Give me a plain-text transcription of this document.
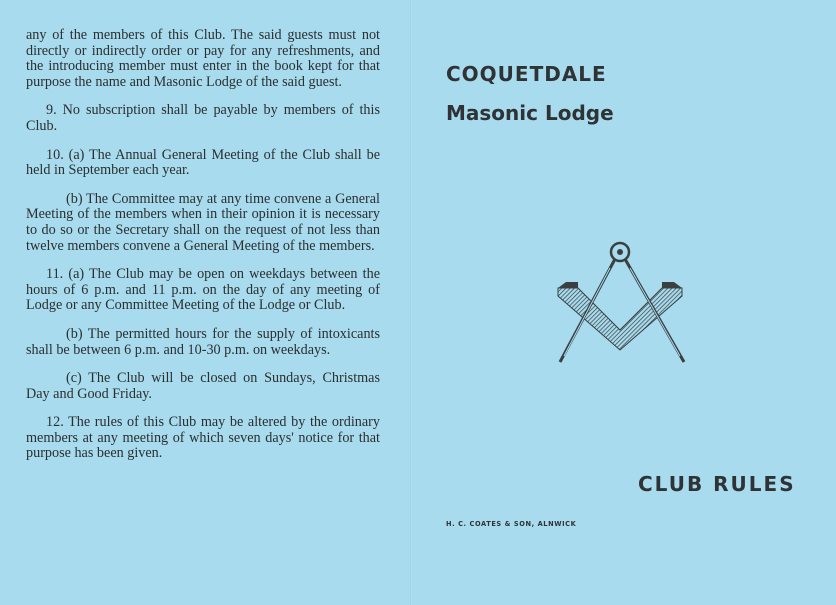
any of the members of this Club. The said guests must not directly or indirectly order or pay for any refreshments, and the introducing member must enter in the book kept for that purpose the name and Masonic Lodge of the said guest.

9. No subscription shall be payable by members of this Club.

10. (a) The Annual General Meeting of the Club shall be held in September each year.

(b) The Committee may at any time convene a General Meeting of the members when in their opinion it is necessary to do so or the Secretary shall on the request of not less than twelve members convene a General Meeting of the members.

11. (a) The Club may be open on weekdays between the hours of 6 p.m. and 11 p.m. on the day of any meeting of Lodge or any Committee Meeting of the Lodge or Club.

(b) The permitted hours for the supply of intoxicants shall be between 6 p.m. and 10-30 p.m. on weekdays.

(c) The Club will be closed on Sundays, Christmas Day and Good Friday.

12. The rules of this Club may be altered by the ordinary members at any meeting of which seven days' notice for that purpose has been given.

COQUETDALE
Masonic Lodge
CLUB RULES
H. C. COATES & SON, ALNWICK
